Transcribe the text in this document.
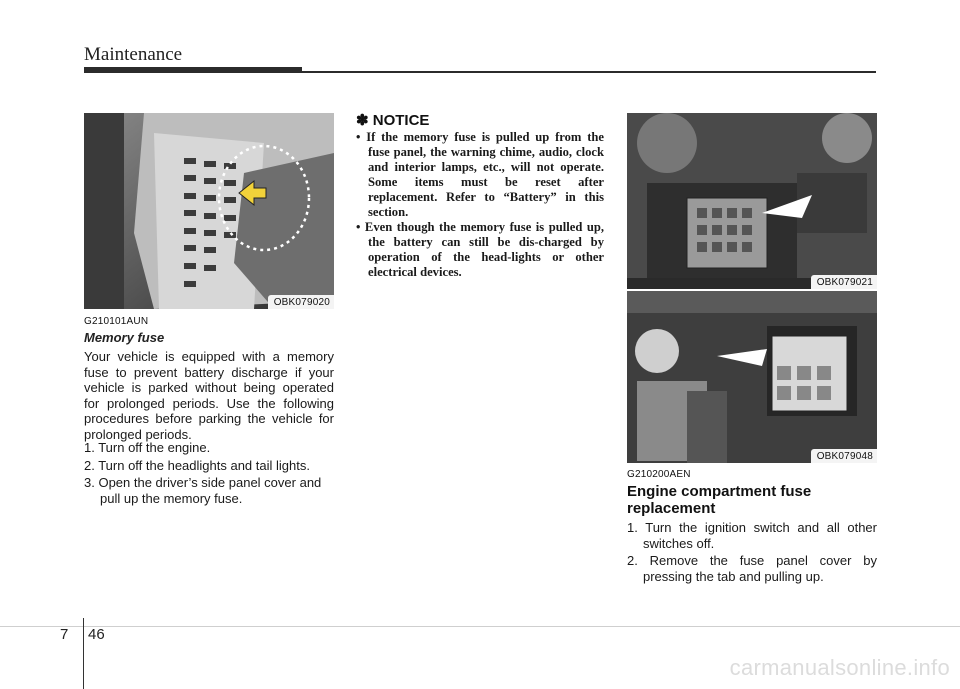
Maintenance
OBK079020
G210101AUN
Memory fuse
Your vehicle is equipped with a memory fuse to prevent battery discharge if your vehicle is parked without being operated for prolonged periods. Use the following procedures before parking the vehicle for prolonged periods.
1. Turn off the engine.
2. Turn off the headlights and tail lights.
3. Open the driver’s side panel cover and pull up the memory fuse.
✽ NOTICE
• If the memory fuse is pulled up from the fuse panel, the warning chime, audio, clock and interior lamps, etc., will not operate. Some items must be reset after replacement. Refer to “Battery” in this section.
• Even though the memory fuse is pulled up, the battery can still be dis-charged by operation of the head-lights or other electrical devices.
OBK079021
OBK079048
G210200AEN
Engine compartment fuse replacement
1. Turn the ignition switch and all other switches off.
2. Remove the fuse panel cover by pressing the tab and pulling up.
7 46
carmanualsonline.info
